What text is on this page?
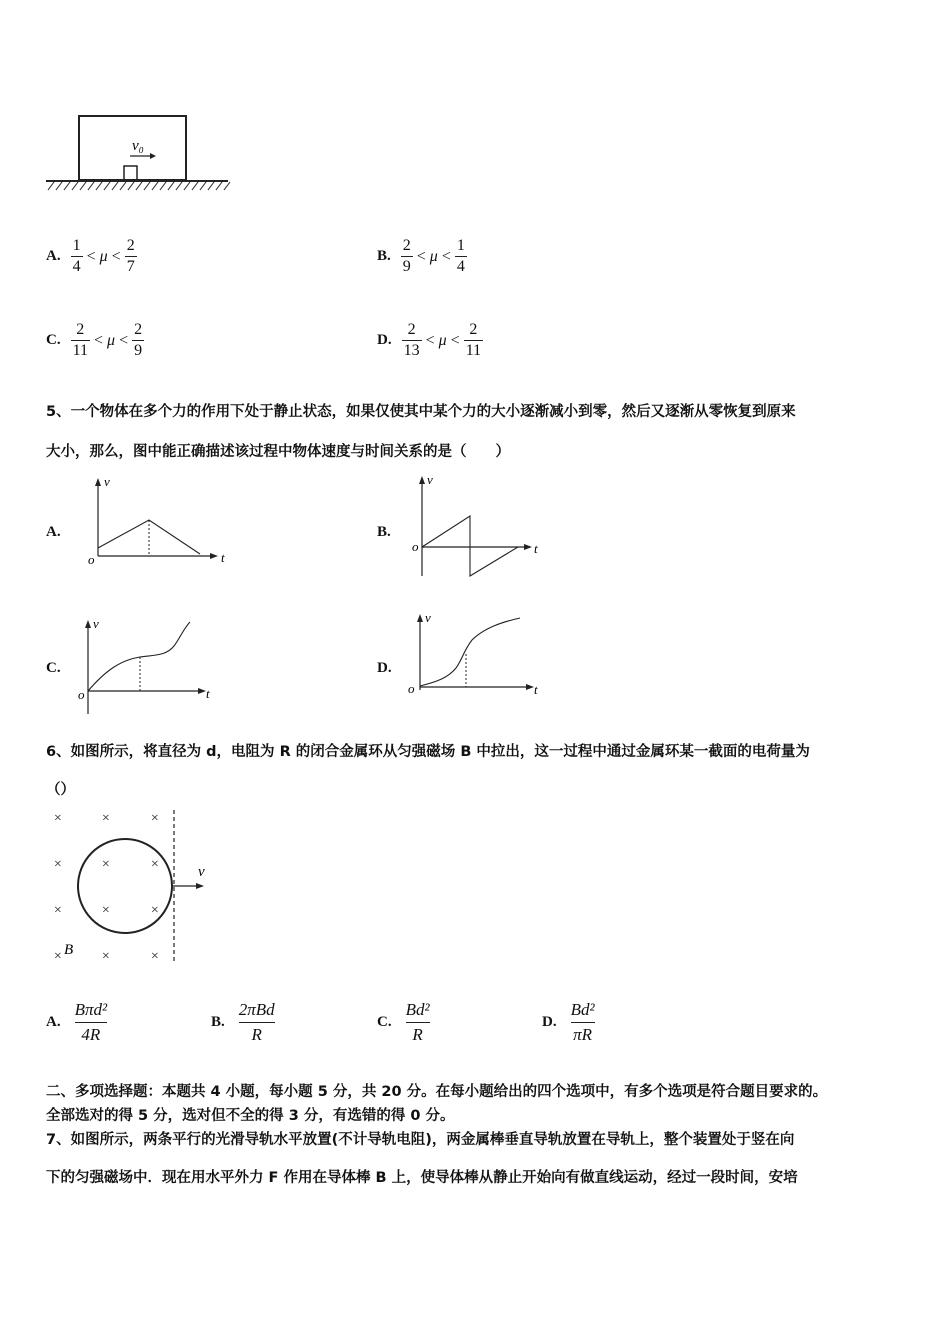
v₀
A. $\frac{1}{4} < \mu < \frac{2}{7}$	B. $\frac{2}{9} < \mu < \frac{1}{4}$
C. $\frac{2}{11} < \mu < \frac{2}{9}$	D. $\frac{2}{13} < \mu < \frac{2}{11}$
5、一个物体在多个力的作用下处于静止状态，如果仅使其中某个力的大小逐渐减小到零，然后又逐渐从零恢复到原来
大小，那么，图中能正确描述该过程中物体速度与时间关系的是（　　）
A.
v
t
o
B.
v
t
o
C.
v
t
o
D.
v
t
o
6、如图所示，将直径为 d，电阻为 R 的闭合金属环从匀强磁场 B 中拉出，这一过程中通过金属环某一截面的电荷量为
（）
×	×	×
×	×	×
×	×	×
×	×	×
v
B
A.
Bπd²
4R
B.
2πBd
R
C.
Bd²
R
D.
Bd²
πR
二、多项选择题：本题共 4 小题，每小题 5 分，共 20 分。在每小题给出的四个选项中，有多个选项是符合题目要求的。
全部选对的得 5 分，选对但不全的得 3 分，有选错的得 0 分。
7、如图所示，两条平行的光滑导轨水平放置(不计导轨电阻)，两金属棒垂直导轨放置在导轨上，整个装置处于竖在向
下的匀强磁场中．现在用水平外力 F 作用在导体棒 B 上，使导体棒从静止开始向有做直线运动，经过一段时间，安培
